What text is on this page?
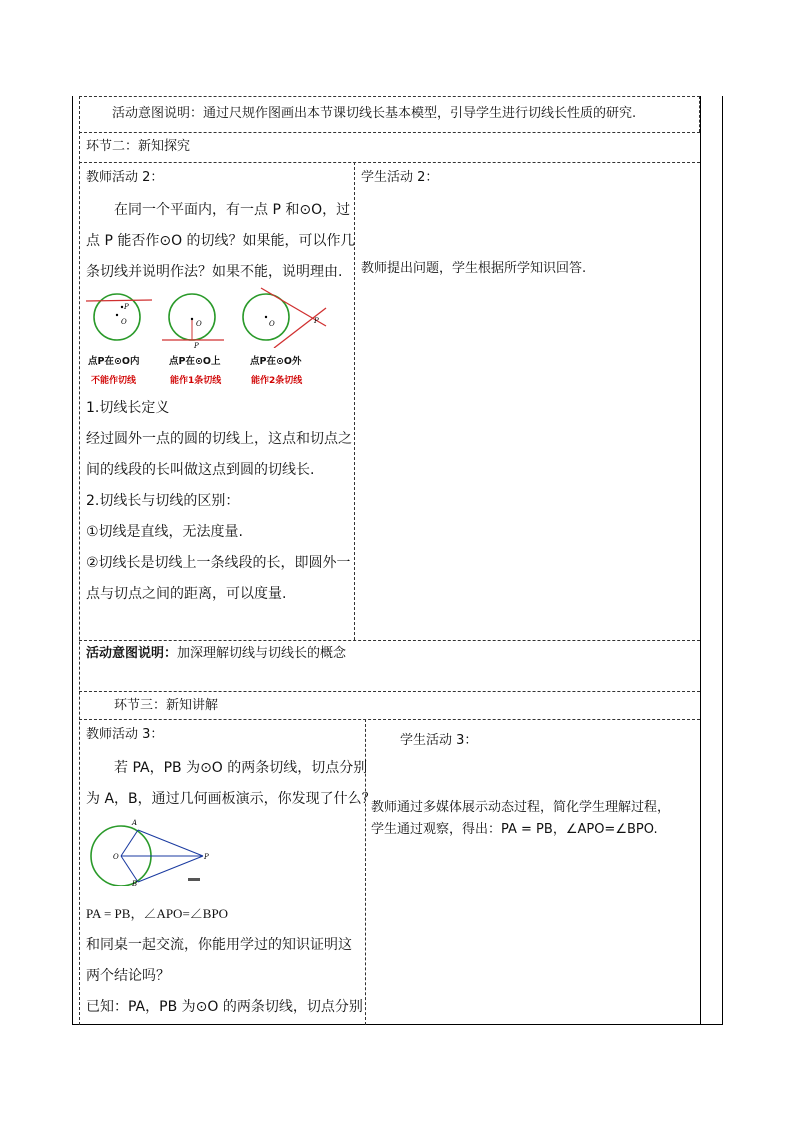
活动意图说明：通过尺规作图画出本节课切线长基本模型，引导学生进行切线长性质的研究.
环节二：新知探究
教师活动 2：
在同一个平面内，有一点 P 和⊙O，过
点 P 能否作⊙O 的切线？如果能，可以作几
条切线并说明作法？如果不能，说明理由.
P
O	O
P
O	P
点P在⊙O内
不能作切线
点P在⊙O上
能作1条切线
点P在⊙O外
能作2条切线
1.切线长定义
经过圆外一点的圆的切线上，这点和切点之
间的线段的长叫做这点到圆的切线长.
2.切线长与切线的区别：
①切线是直线，无法度量.
②切线长是切线上一条线段的长，即圆外一
点与切点之间的距离，可以度量.
学生活动 2：
教师提出问题，学生根据所学知识回答.
活动意图说明：加深理解切线与切线长的概念
环节三：新知讲解
教师活动 3：
若 PA，PB 为⊙O 的两条切线，切点分别
为 A，B，通过几何画板演示，你发现了什么？
A
B
O	P
PA = PB，∠APO=∠BPO
和同桌一起交流，你能用学过的知识证明这
两个结论吗？
已知：PA，PB 为⊙O 的两条切线，切点分别
学生活动 3：
教师通过多媒体展示动态过程，简化学生理解过程，
学生通过观察，得出：PA = PB，∠APO=∠BPO.
